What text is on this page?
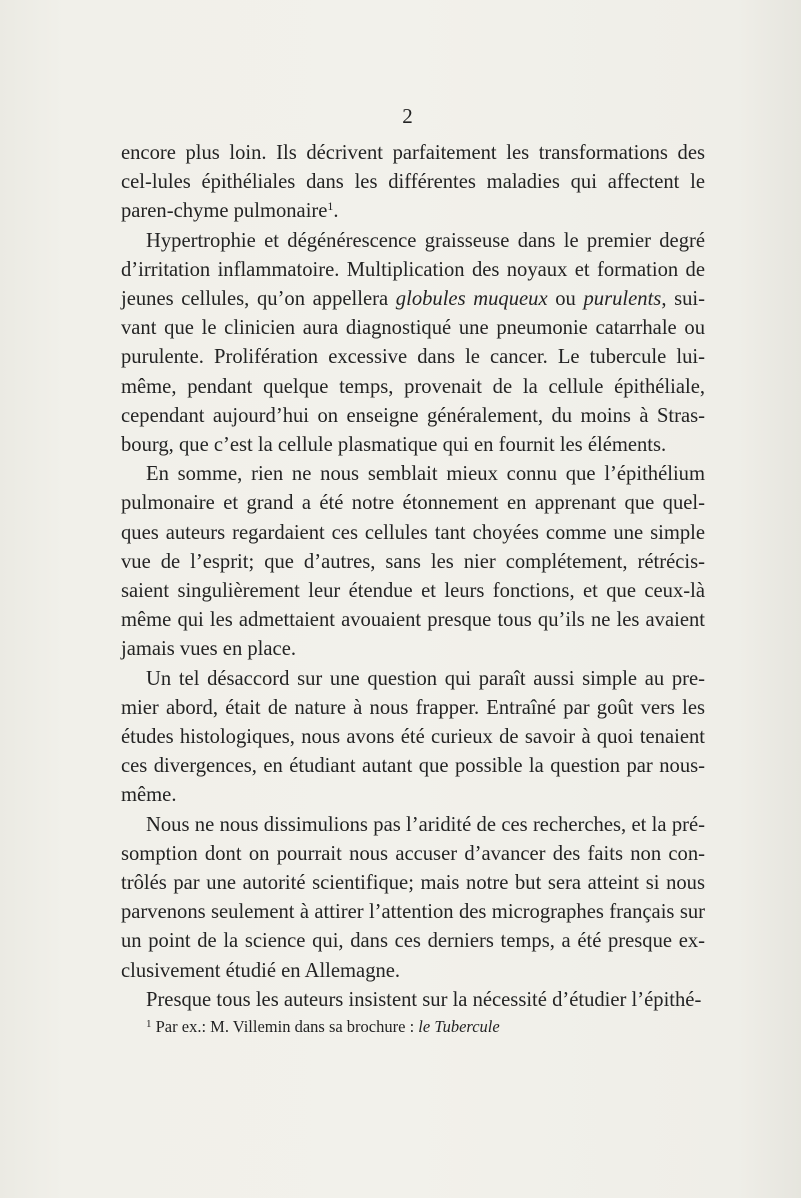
2

encore plus loin. Ils décrivent parfaitement les transformations des cel-lules épithéliales dans les différentes maladies qui affectent le paren-chyme pulmonaire$^1$.

Hypertrophie et dégénérescence graisseuse dans le premier degré d’irritation inflammatoire. Multiplication des noyaux et formation de jeunes cellules, qu’on appellera globules muqueux ou purulents, sui-vant que le clinicien aura diagnostiqué une pneumonie catarrhale ou purulente. Prolifération excessive dans le cancer. Le tubercule lui-même, pendant quelque temps, provenait de la cellule épithéliale, cependant aujourd’hui on enseigne généralement, du moins à Stras-bourg, que c’est la cellule plasmatique qui en fournit les éléments.

En somme, rien ne nous semblait mieux connu que l’épithélium pulmonaire et grand a été notre étonnement en apprenant que quel-ques auteurs regardaient ces cellules tant choyées comme une simple vue de l’esprit; que d’autres, sans les nier complétement, rétrécis-saient singulièrement leur étendue et leurs fonctions, et que ceux-là même qui les admettaient avouaient presque tous qu’ils ne les avaient jamais vues en place.

Un tel désaccord sur une question qui paraît aussi simple au pre-mier abord, était de nature à nous frapper. Entraîné par goût vers les études histologiques, nous avons été curieux de savoir à quoi tenaient ces divergences, en étudiant autant que possible la question par nous-même.

Nous ne nous dissimulions pas l’aridité de ces recherches, et la pré-somption dont on pourrait nous accuser d’avancer des faits non con-trôlés par une autorité scientifique; mais notre but sera atteint si nous parvenons seulement à attirer l’attention des micrographes français sur un point de la science qui, dans ces derniers temps, a été presque ex-clusivement étudié en Allemagne.

Presque tous les auteurs insistent sur la nécessité d’étudier l’épithé-

$^1$ Par ex.: M. Villemin dans sa brochure : le Tubercule
